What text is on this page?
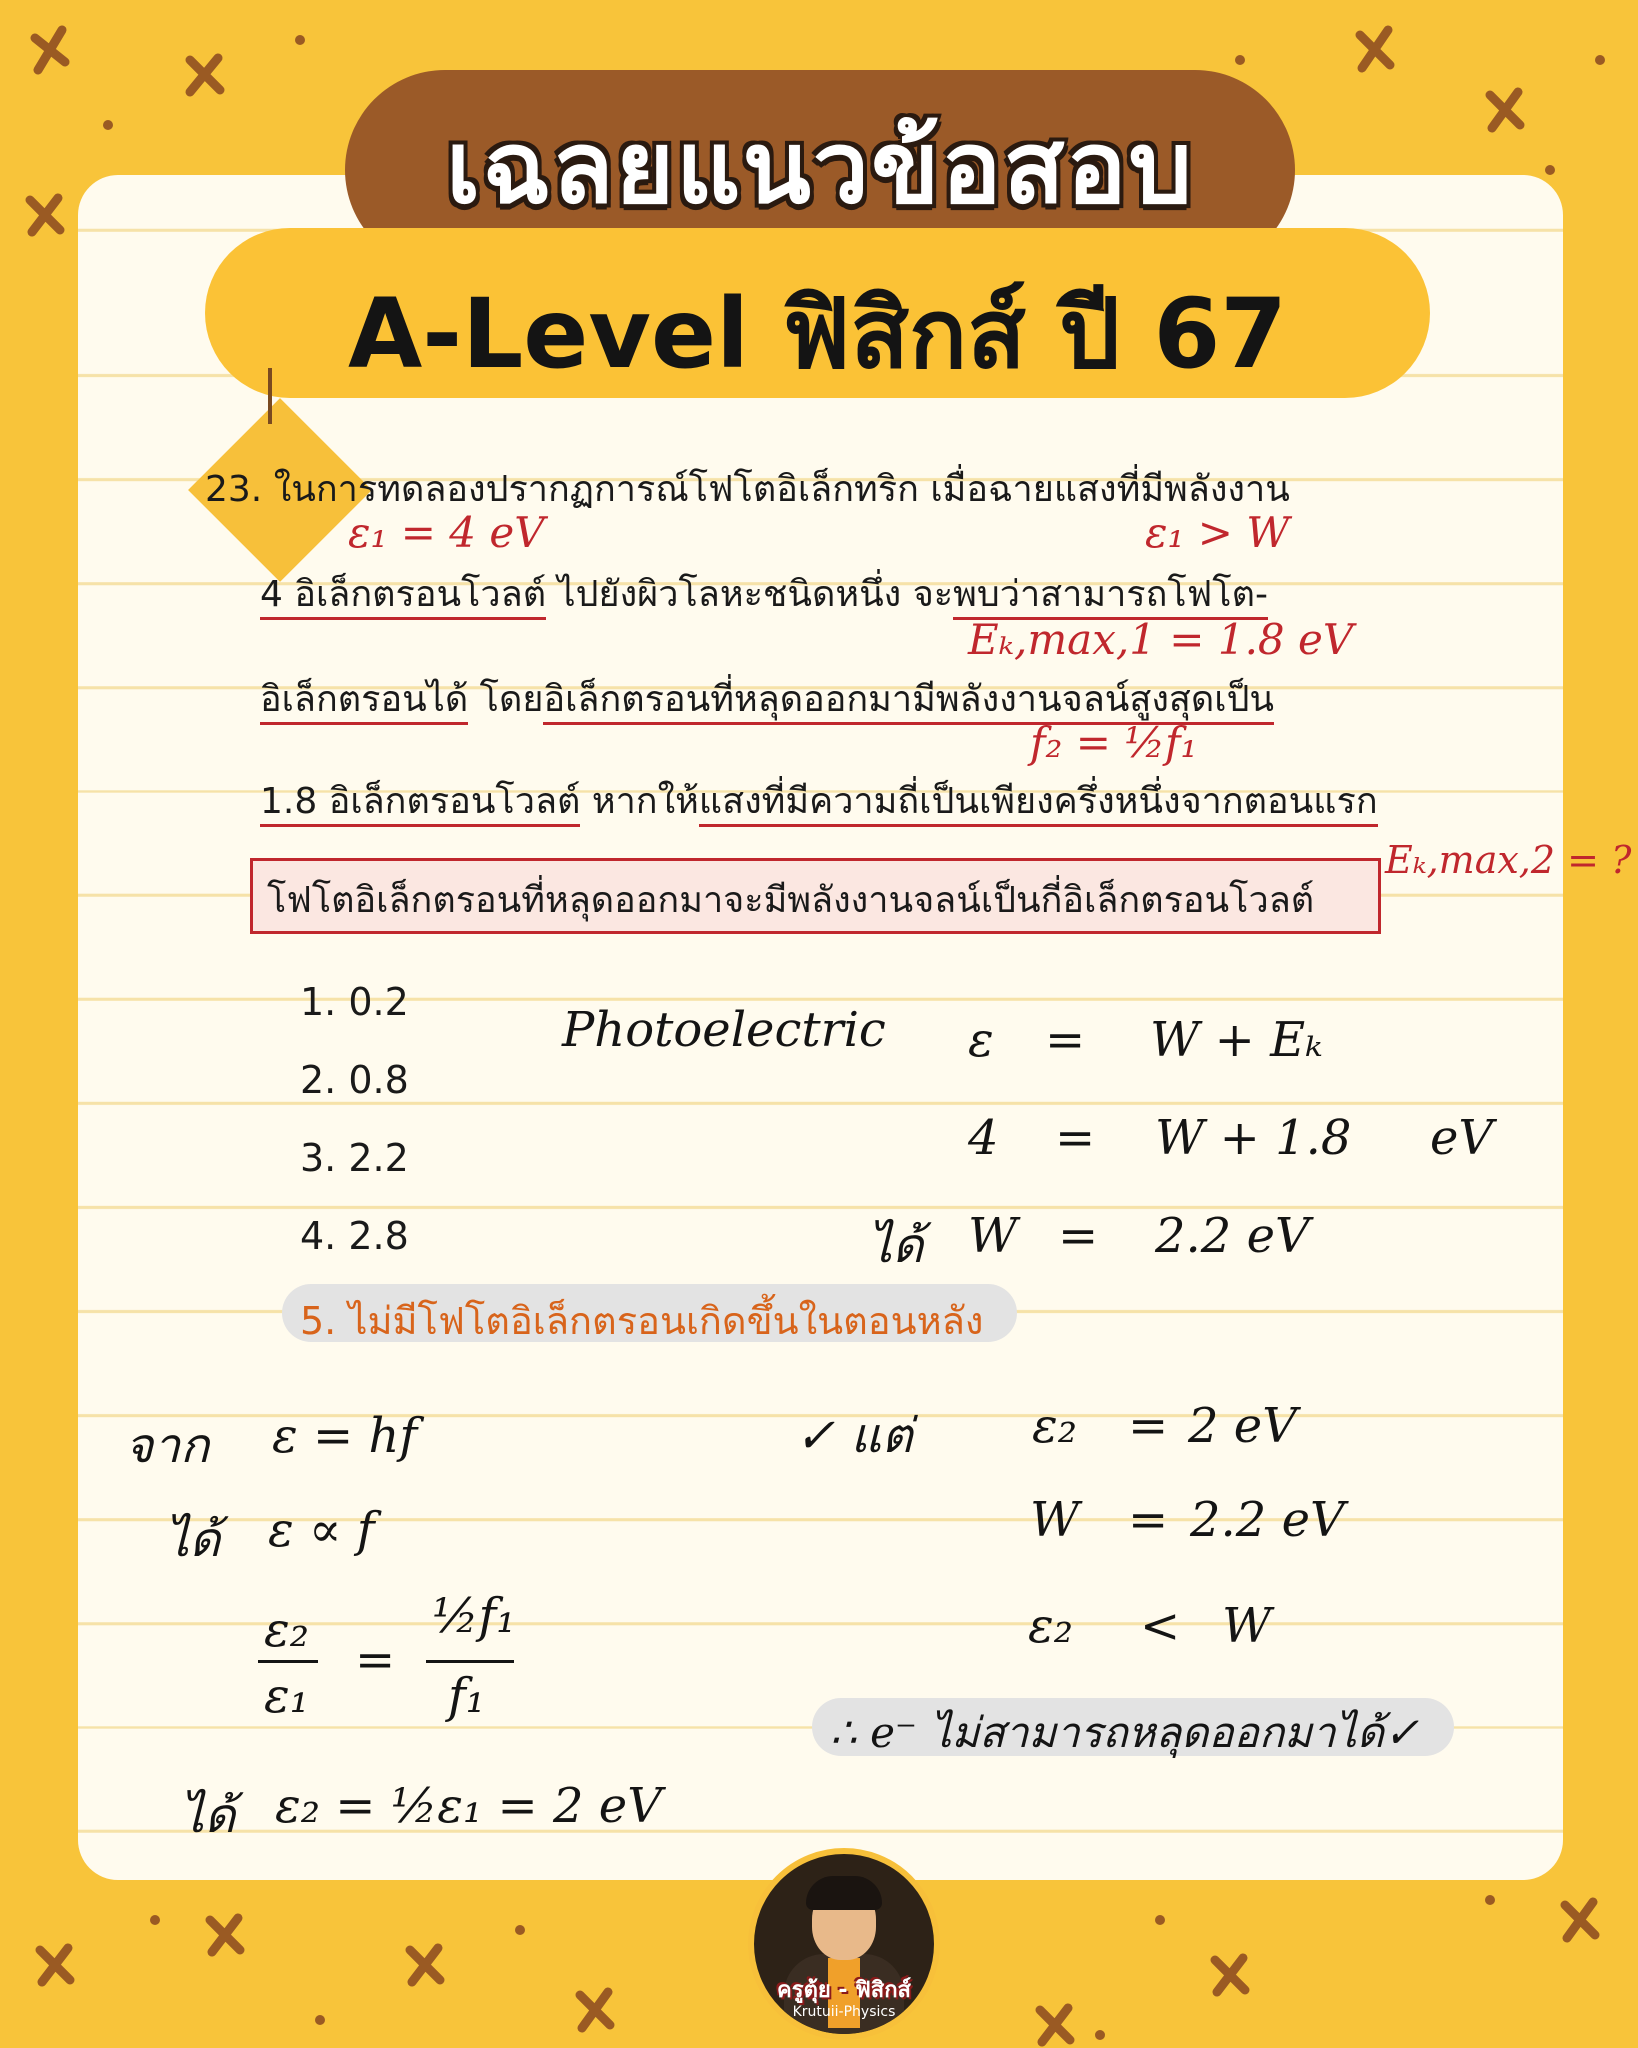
เฉลยแนวข้อสอบ
A-Level ฟิสิกส์ ปี 67
23. ในการทดลองปรากฏการณ์โฟโตอิเล็กทริก เมื่อฉายแสงที่มีพลังงาน
4 อิเล็กตรอนโวลต์ ไปยังผิวโลหะชนิดหนึ่ง จะพบว่าสามารถโฟโต-
อิเล็กตรอนได้ โดยอิเล็กตรอนที่หลุดออกมามีพลังงานจลน์สูงสุดเป็น
1.8 อิเล็กตรอนโวลต์ หากให้แสงที่มีความถี่เป็นเพียงครึ่งหนึ่งจากตอนแรก
โฟโตอิเล็กตรอนที่หลุดออกมาจะมีพลังงานจลน์เป็นกี่อิเล็กตรอนโวลต์
ε₁ = 4 eV	ε₁ > W
Eₖ,max,1 = 1.8 eV
f₂ = ½f₁
Eₖ,max,2 = ?
1. 0.2
2. 0.8
3. 2.2
4. 2.8
5. ไม่มีโฟโตอิเล็กตรอนเกิดขึ้นในตอนหลัง
Photoelectric ε = W + Eₖ
4 = W + 1.8 eV
ได้ W = 2.2 eV
จาก ε = hf
ได้ ε ∝ f
ε₂
ε₁
=
½f₁
f₁
ได้ ε₂ = ½ε₁ = 2 eV
✓ แต่ ε₂ = 2 eV
W = 2.2 eV
ε₂ < W
∴ e⁻ ไม่สามารถหลุดออกมาได้✓
ครูตุ้ย - ฟิสิกส์
Krutuii-Physics
